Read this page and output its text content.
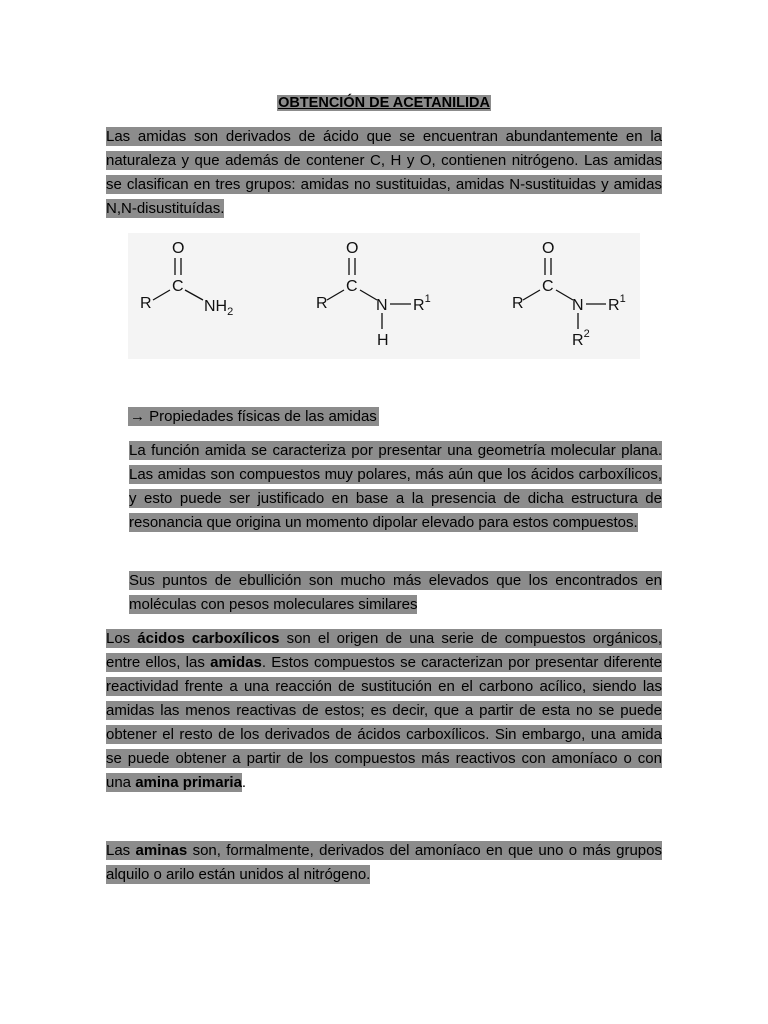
OBTENCIÓN DE ACETANILIDA
Las amidas son derivados de ácido que se encuentran abundantemente en la naturaleza y que además de contener C, H y O, contienen nitrógeno. Las amidas se clasifican en tres grupos: amidas no sustituidas, amidas N-sustituidas y amidas N,N-disustituídas.
O
C
R	$NH_2$
O
C
R	N $R^1$
H
O
C
R	N $R^1$
$R^2$
→ Propiedades físicas de las amidas
La función amida se caracteriza por presentar una geometría molecular plana. Las amidas son compuestos muy polares, más aún que los ácidos carboxílicos, y esto puede ser justificado en base a la presencia de dicha estructura de resonancia que origina un momento dipolar elevado para estos compuestos.
Sus puntos de ebullición son mucho más elevados que los encontrados en moléculas con pesos moleculares similares
Los ácidos carboxílicos son el origen de una serie de compuestos orgánicos, entre ellos, las amidas. Estos compuestos se caracterizan por presentar diferente reactividad frente a una reacción de sustitución en el carbono acílico, siendo las amidas las menos reactivas de estos; es decir, que a partir de esta no se puede obtener el resto de los derivados de ácidos carboxílicos. Sin embargo, una amida se puede obtener a partir de los compuestos más reactivos con amoníaco o con una amina primaria.
Las aminas son, formalmente, derivados del amoníaco en que uno o más grupos alquilo o arilo están unidos al nitrógeno.
